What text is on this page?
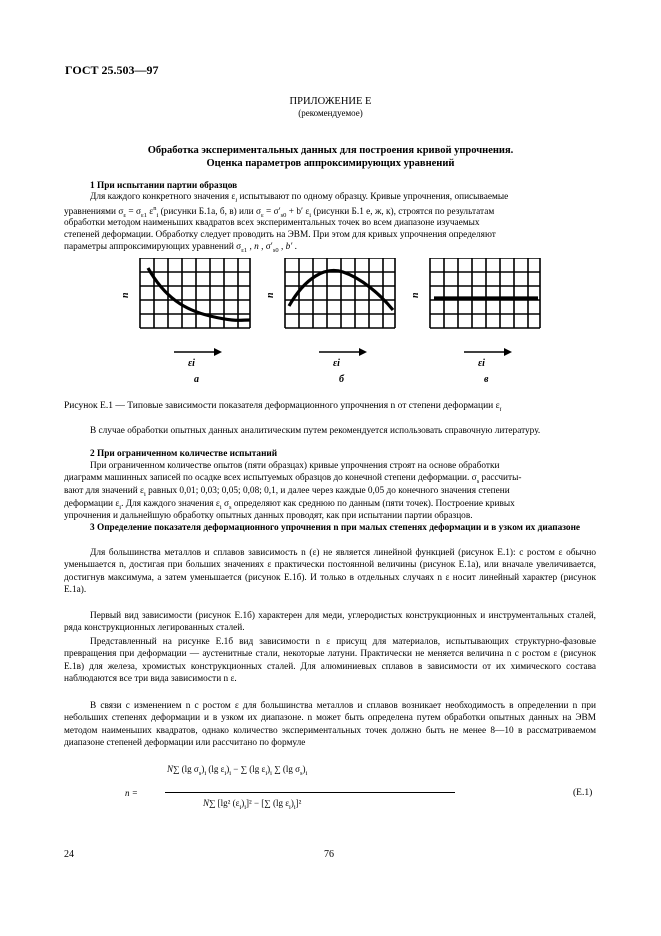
ГОСТ 25.503—97
ПРИЛОЖЕНИЕ Е
(рекомендуемое)
Обработка экспериментальных данных для построения кривой упрочнения.
Оценка параметров аппроксимирующих уравнений
1 При испытании партии образцов
Для каждого конкретного значения $\varepsilon_i$ испытывают по одному образцу. Кривые упрочнения, описываемые
уравнениями $\sigma_\varepsilon = \sigma_{\varepsilon 1}$ $\varepsilon^n_i$ (рисунки Б.1а, б, в) или $\sigma_\varepsilon = \sigma'_{s0} + b'$ $\varepsilon_i$ (рисунки Б.1 е, ж, к), строятся по результатам
обработки методом наименьших квадратов всех экспериментальных точек во всем диапазоне изучаемых
степеней деформации. Обработку следует проводить на ЭВМ. При этом для кривых упрочнения определяют
параметры аппроксимирующих уравнений $\sigma_{\varepsilon 1}$ , n , $\sigma'_{s0}$ , b′ .
n
εi
а
n
εi
б
n
εi
в
Рисунок Е.1 — Типовые зависимости показателя деформационного упрочнения n от степени деформации $\varepsilon_i$
В случае обработки опытных данных аналитическим путем рекомендуется использовать справочную литературу.
2 При ограниченном количестве испытаний
При ограниченном количестве опытов (пяти образцах) кривые упрочнения строят на основе обработки
диаграмм машинных записей по осадке всех испытуемых образцов до конечной степени деформации. $\sigma_s$ рассчиты-
вают для значений $\varepsilon_i$ равных 0,01; 0,03; 0,05; 0,08; 0,1, и далее через каждые 0,05 до конечного значения степени
деформации $\varepsilon_i$. Для каждого значения $\varepsilon_i$ $\sigma_s$ определяют как среднюю по данным (пяти точек). Построение кривых
упрочнения и дальнейшую обработку опытных данных проводят, как при испытании партии образцов.
3 Определение показателя деформационного упрочнения n при малых степенях деформации и в узком их диапазоне
Для большинства металлов и сплавов зависимость n (ε) не является линейной функцией (рисунок Е.1): с ростом ε обычно уменьшается n, достигая при больших значениях ε практически постоянной величины (рисунок Е.1а), или вначале увеличивается, достигнув максимума, а затем уменьшается (рисунок Е.1б). И только в отдельных случаях n ε носит линейный характер (рисунок Е.1а).
Первый вид зависимости (рисунок Е.1б) характерен для меди, углеродистых конструкционных и инструментальных сталей, ряда конструкционных легированных сталей.
Представленный на рисунке Е.1б вид зависимости n ε присущ для материалов, испытывающих структурно-фазовые превращения при деформации — аустенитные стали, некоторые латуни. Практически не меняется величина n с ростом ε (рисунок Е.1в) для железа, хромистых конструкционных сталей. Для алюминиевых сплавов в зависимости от их химического состава наблюдаются все три вида зависимости n ε.
В связи с изменением n с ростом ε для большинства металлов и сплавов возникает необходимость в определении n при небольших степенях деформации и в узком их диапазоне. n может быть определена путем обработки опытных данных на ЭВМ методом наименьших квадратов, однако количество экспериментальных точек должно быть не менее 8—10 в рассматриваемом диапазоне степеней деформации или рассчитано по формуле
n =
N∑ (lg $\sigma_s)_i$ (lg $\varepsilon_i)_i$ − ∑ (lg $\varepsilon_i)_i$ ∑ (lg $\sigma_s)_i$
N∑ [lg² $(\varepsilon_i)_i]^2$ − [∑ (lg $\varepsilon_i)_i]^2$
(Е.1)
24	76
